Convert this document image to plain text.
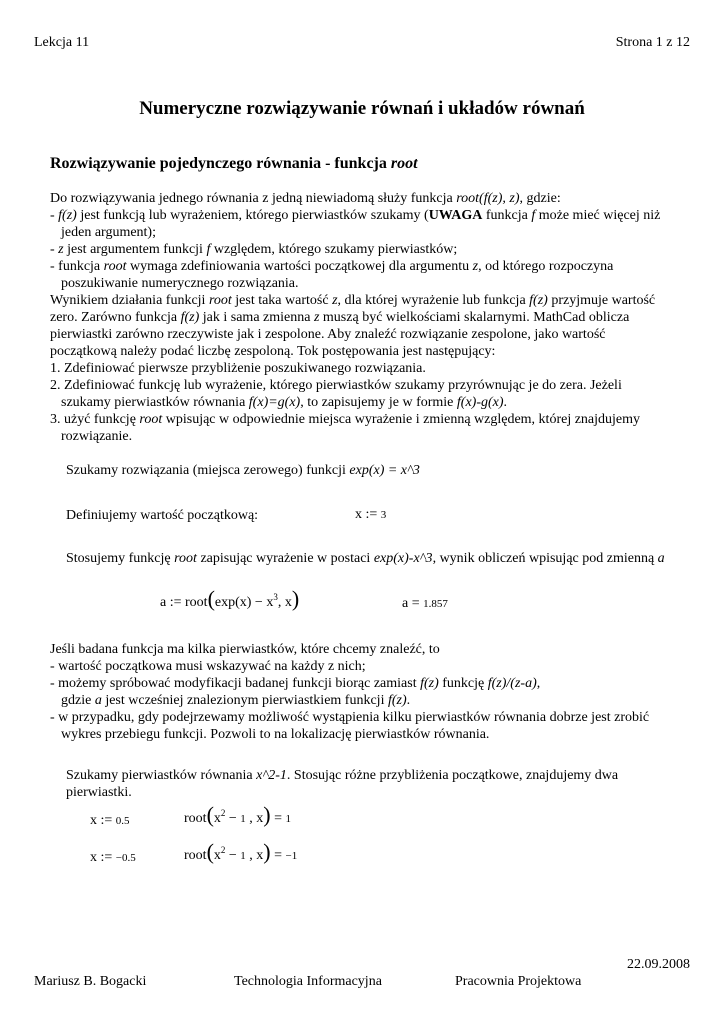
Lekcja 11	Strona 1 z 12
Numeryczne rozwiązywanie równań i układów równań
Rozwiązywanie pojedynczego równania - funkcja root
Do rozwiązywania jednego równania z jedną niewiadomą służy funkcja root(f(z), z), gdzie:
- f(z) jest funkcją lub wyrażeniem, którego pierwiastków szukamy (UWAGA funkcja f może mieć więcej niż
jeden argument);
- z jest argumentem funkcji f względem, którego szukamy pierwiastków;
- funkcja root wymaga zdefiniowania wartości początkowej dla argumentu z, od którego rozpoczyna
poszukiwanie numerycznego rozwiązania.
Wynikiem działania funkcji root jest taka wartość z, dla której wyrażenie lub funkcja f(z) przyjmuje wartość
zero. Zarówno funkcja f(z) jak i sama zmienna z muszą być wielkościami skalarnymi. MathCad oblicza
pierwiastki zarówno rzeczywiste jak i zespolone. Aby znaleźć rozwiązanie zespolone, jako wartość
początkową należy podać liczbę zespoloną. Tok postępowania jest następujący:
1. Zdefiniować pierwsze przybliżenie poszukiwanego rozwiązania.
2. Zdefiniować funkcję lub wyrażenie, którego pierwiastków szukamy przyrównując je do zera. Jeżeli
szukamy pierwiastków równania f(x)=g(x), to zapisujemy je w formie f(x)-g(x).
3. użyć funkcję root wpisując w odpowiednie miejsca wyrażenie i zmienną względem, której znajdujemy
rozwiązanie.
Szukamy rozwiązania (miejsca zerowego) funkcji exp(x) = x^3
Definiujemy wartość początkową:	x := 3
Stosujemy funkcję root zapisując wyrażenie w postaci exp(x)-x^3, wynik obliczeń wpisując pod zmienną a
a := root(exp(x) − $x^3$, x)	a = 1.857
Jeśli badana funkcja ma kilka pierwiastków, które chcemy znaleźć, to
- wartość początkowa musi wskazywać na każdy z nich;
- możemy spróbować modyfikacji badanej funkcji biorąc zamiast f(z) funkcję f(z)/(z-a),
gdzie a jest wcześniej znalezionym pierwiastkiem funkcji f(z).
- w przypadku, gdy podejrzewamy możliwość wystąpienia kilku pierwiastków równania dobrze jest zrobić
wykres przebiegu funkcji. Pozwoli to na lokalizację pierwiastków równania.
Szukamy pierwiastków równania x^2-1. Stosując różne przybliżenia początkowe, znajdujemy dwa
pierwiastki.
x := 0.5	$root(x^2 - 1$ , x) = 1
x := −0.5	$root(x^2 - 1$ , x) = −1
22.09.2008
Mariusz B. Bogacki	Technologia Informacyjna	Pracownia Projektowa
